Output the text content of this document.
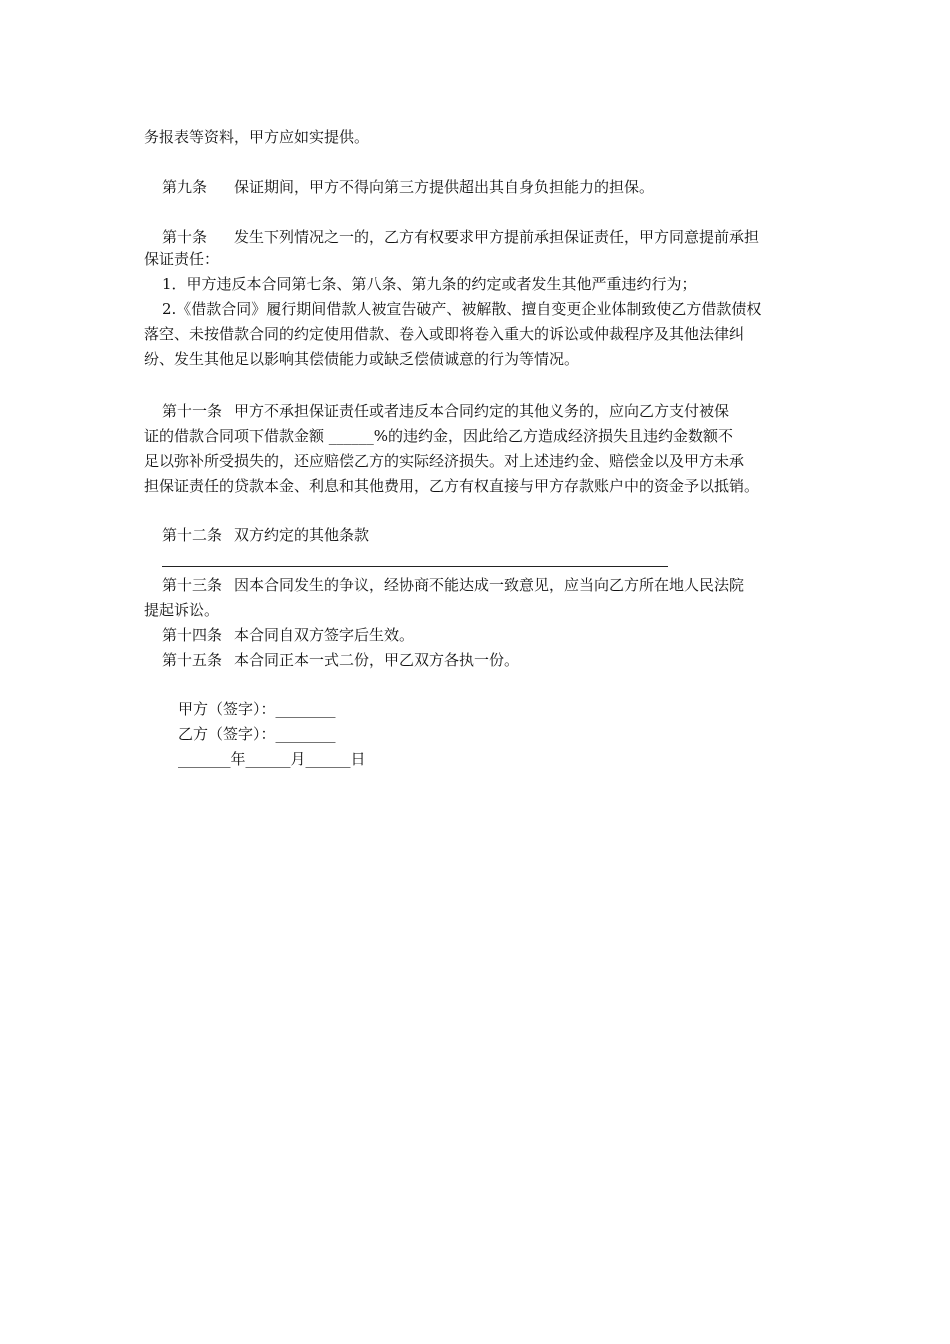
务报表等资料，甲方应如实提供。
第九条 保证期间，甲方不得向第三方提供超出其自身负担能力的担保。
第十条 发生下列情况之一的，乙方有权要求甲方提前承担保证责任，甲方同意提前承担
保证责任：
1．甲方违反本合同第七条、第八条、第九条的约定或者发生其他严重违约行为；
2.《借款合同》履行期间借款人被宣告破产、被解散、擅自变更企业体制致使乙方借款债权
落空、未按借款合同的约定使用借款、卷入或即将卷入重大的诉讼或仲裁程序及其他法律纠
纷、发生其他足以影响其偿债能力或缺乏偿债诚意的行为等情况。
第十一条 甲方不承担保证责任或者违反本合同约定的其他义务的，应向乙方支付被保
证的借款合同项下借款金额 ______%的违约金，因此给乙方造成经济损失且违约金数额不
足以弥补所受损失的，还应赔偿乙方的实际经济损失。对上述违约金、赔偿金以及甲方未承
担保证责任的贷款本金、利息和其他费用，乙方有权直接与甲方存款账户中的资金予以抵销。
第十二条 双方约定的其他条款
第十三条 因本合同发生的争议，经协商不能达成一致意见，应当向乙方所在地人民法院
提起诉讼。
第十四条 本合同自双方签字后生效。
第十五条 本合同正本一式二份，甲乙双方各执一份。
甲方（签字）：________
乙方（签字）：________
_______年______月______日
